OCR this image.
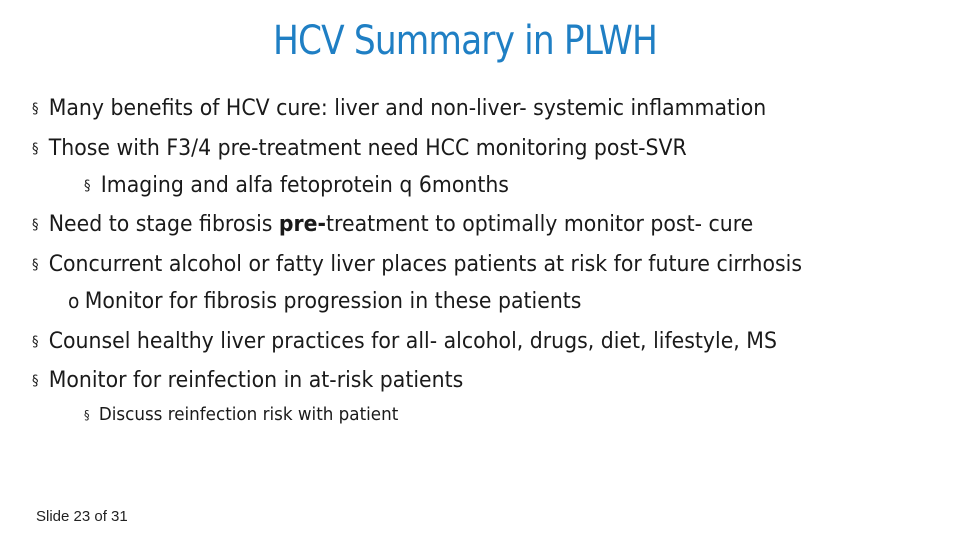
HCV Summary in PLWH
§ Many benefits of HCV cure: liver and non-liver- systemic inflammation
§ Those with F3/4 pre-treatment need HCC monitoring post-SVR
§ Imaging and alfa fetoprotein q 6months
§ Need to stage fibrosis pre-treatment to optimally monitor post- cure
§ Concurrent alcohol or fatty liver places patients at risk for future cirrhosis
o Monitor for fibrosis progression in these patients
§ Counsel healthy liver practices for all- alcohol, drugs, diet, lifestyle, MS
§ Monitor for reinfection in at-risk patients
§ Discuss reinfection risk with patient
Slide 23 of 31
